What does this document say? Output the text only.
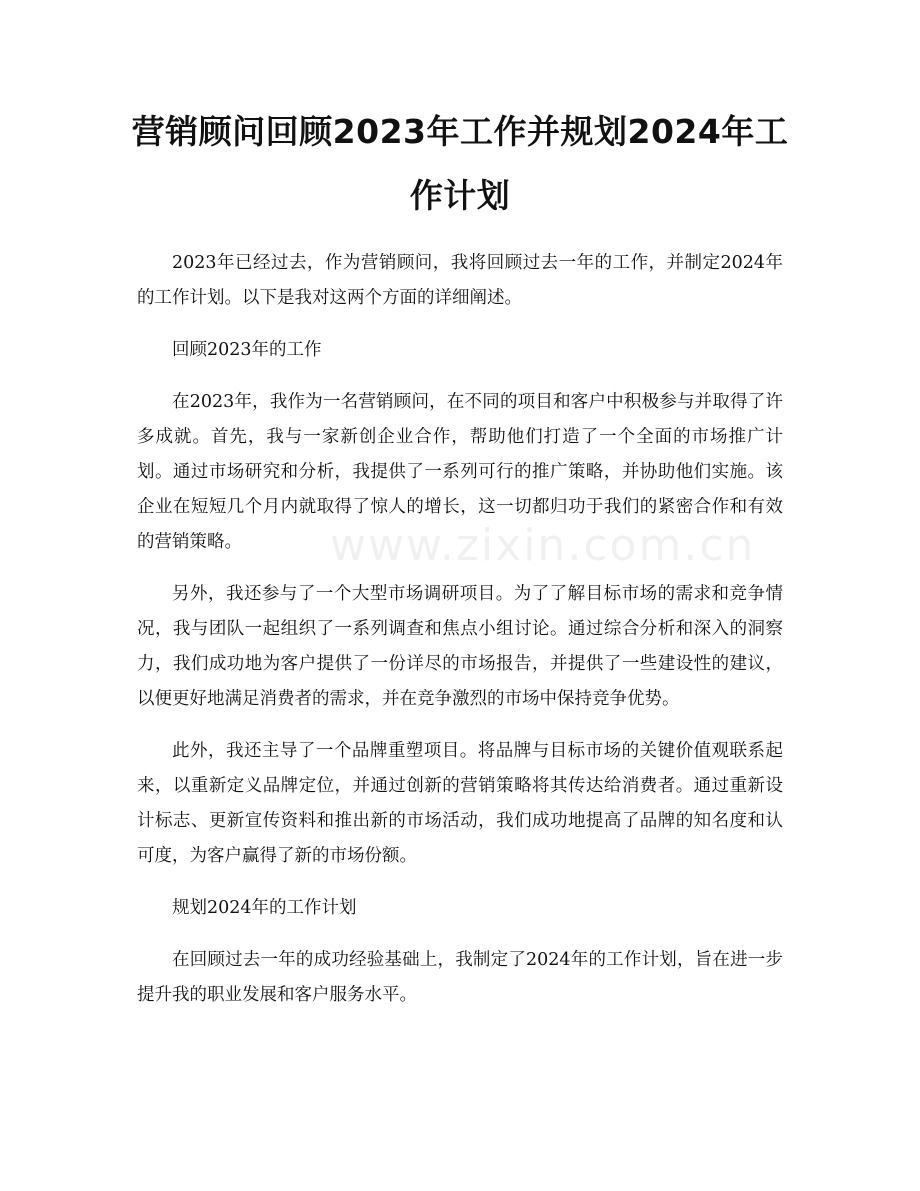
www.zixin.com.cn
营销顾问回顾2023年工作并规划2024年工作计划

2023年已经过去，作为营销顾问，我将回顾过去一年的工作，并制定2024年的工作计划。以下是我对这两个方面的详细阐述。

回顾2023年的工作

在2023年，我作为一名营销顾问，在不同的项目和客户中积极参与并取得了许多成就。首先，我与一家新创企业合作，帮助他们打造了一个全面的市场推广计划。通过市场研究和分析，我提供了一系列可行的推广策略，并协助他们实施。该企业在短短几个月内就取得了惊人的增长，这一切都归功于我们的紧密合作和有效的营销策略。

另外，我还参与了一个大型市场调研项目。为了了解目标市场的需求和竞争情况，我与团队一起组织了一系列调查和焦点小组讨论。通过综合分析和深入的洞察力，我们成功地为客户提供了一份详尽的市场报告，并提供了一些建设性的建议，以便更好地满足消费者的需求，并在竞争激烈的市场中保持竞争优势。

此外，我还主导了一个品牌重塑项目。将品牌与目标市场的关键价值观联系起来，以重新定义品牌定位，并通过创新的营销策略将其传达给消费者。通过重新设计标志、更新宣传资料和推出新的市场活动，我们成功地提高了品牌的知名度和认可度，为客户赢得了新的市场份额。

规划2024年的工作计划

在回顾过去一年的成功经验基础上，我制定了2024年的工作计划，旨在进一步提升我的职业发展和客户服务水平。
